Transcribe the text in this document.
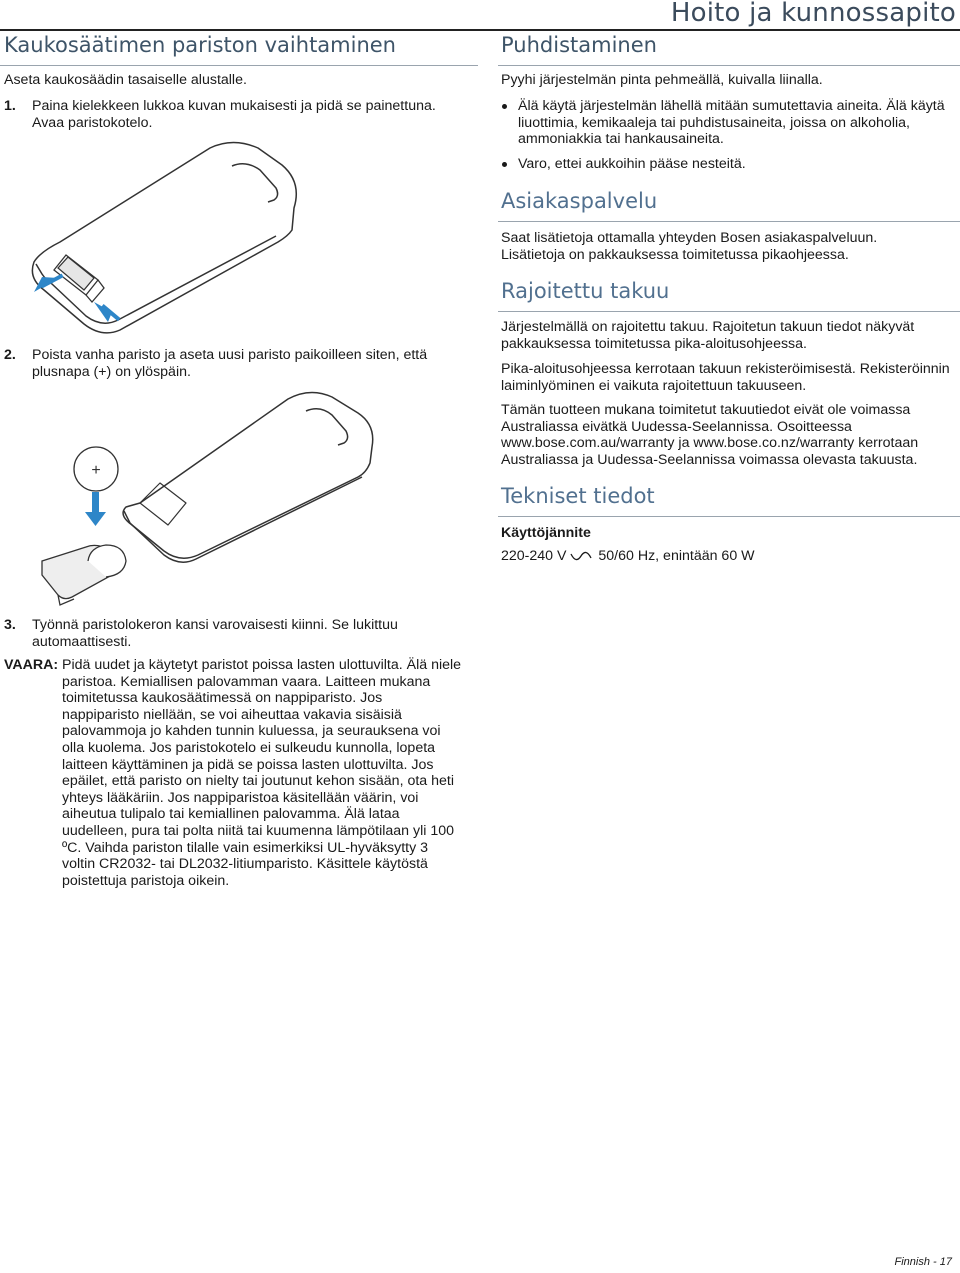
Hoito ja kunnossapito
Kaukosäätimen pariston vaihtaminen
Aseta kaukosäädin tasaiselle alustalle.
1.	Paina kielekkeen lukkoa kuvan mukaisesti ja pidä se painettuna. Avaa paristokotelo.
2.	Poista vanha paristo ja aseta uusi paristo paikoilleen siten, että plusnapa (+) on ylöspäin.
+
3.	Työnnä paristolokeron kansi varovaisesti kiinni. Se lukittuu automaattisesti.
VAARA: Pidä uudet ja käytetyt paristot poissa lasten ulottuvilta. Älä niele paristoa. Kemiallisen palovamman vaara. Laitteen mukana toimitetussa kaukosäätimessä on nappiparisto. Jos nappiparisto niellään, se voi aiheuttaa vakavia sisäisiä palovammoja jo kahden tunnin kuluessa, ja seurauksena voi olla kuolema. Jos paristokotelo ei sulkeudu kunnolla, lopeta laitteen käyttäminen ja pidä se poissa lasten ulottuvilta. Jos epäilet, että paristo on nielty tai joutunut kehon sisään, ota heti yhteys lääkäriin. Jos nappiparistoa käsitellään väärin, voi aiheutua tulipalo tai kemiallinen palovamma. Älä lataa uudelleen, pura tai polta niitä tai kuumenna lämpötilaan yli 100 ºC. Vaihda pariston tilalle vain esimerkiksi UL-hyväksytty 3 voltin CR2032- tai DL2032-litiumparisto. Käsittele käytöstä poistettuja paristoja oikein.
Puhdistaminen
Pyyhi järjestelmän pinta pehmeällä, kuivalla liinalla.
Älä käytä järjestelmän lähellä mitään sumutettavia aineita. Älä käytä liuottimia, kemikaaleja tai puhdistusaineita, joissa on alkoholia, ammoniakkia tai hankausaineita.
Varo, ettei aukkoihin pääse nesteitä.
Asiakaspalvelu
Saat lisätietoja ottamalla yhteyden Bosen asiakaspalveluun. Lisätietoja on pakkauksessa toimitetussa pikaohjeessa.
Rajoitettu takuu
Järjestelmällä on rajoitettu takuu. Rajoitetun takuun tiedot näkyvät pakkauksessa toimitetussa pika-aloitusohjeessa.
Pika-aloitusohjeessa kerrotaan takuun rekisteröimisestä. Rekisteröinnin laiminlyöminen ei vaikuta rajoitettuun takuuseen.
Tämän tuotteen mukana toimitetut takuutiedot eivät ole voimassa Australiassa eivätkä Uudessa-Seelannissa. Osoitteessa www.bose.com.au/warranty ja www.bose.co.nz/warranty kerrotaan Australiassa ja Uudessa-Seelannissa voimassa olevasta takuusta.
Tekniset tiedot
Käyttöjännite
220-240 V 50/60 Hz, enintään 60 W
Finnish - 17
